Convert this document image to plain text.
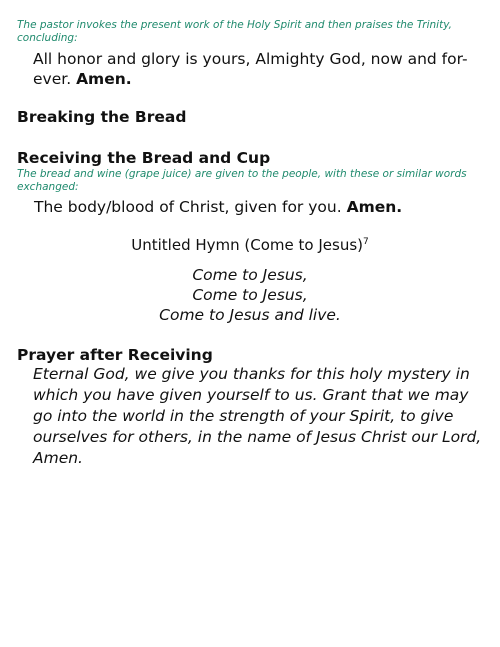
The pastor invokes the present work of the Holy Spirit and then praises the Trinity, concluding:

All honor and glory is yours, Almighty God, now and for-ever. Amen.

Breaking the Bread

Receiving the Bread and Cup

The bread and wine (grape juice) are given to the people, with these or similar words exchanged:

The body/blood of Christ, given for you. Amen.

Untitled Hymn (Come to Jesus)$^7$

Come to Jesus,

Come to Jesus,

Come to Jesus and live.

Prayer after Receiving

Eternal God, we give you thanks for this holy mystery in which you have given yourself to us. Grant that we may go into the world in the strength of your Spirit, to give ourselves for others, in the name of Jesus Christ our Lord, Amen.
